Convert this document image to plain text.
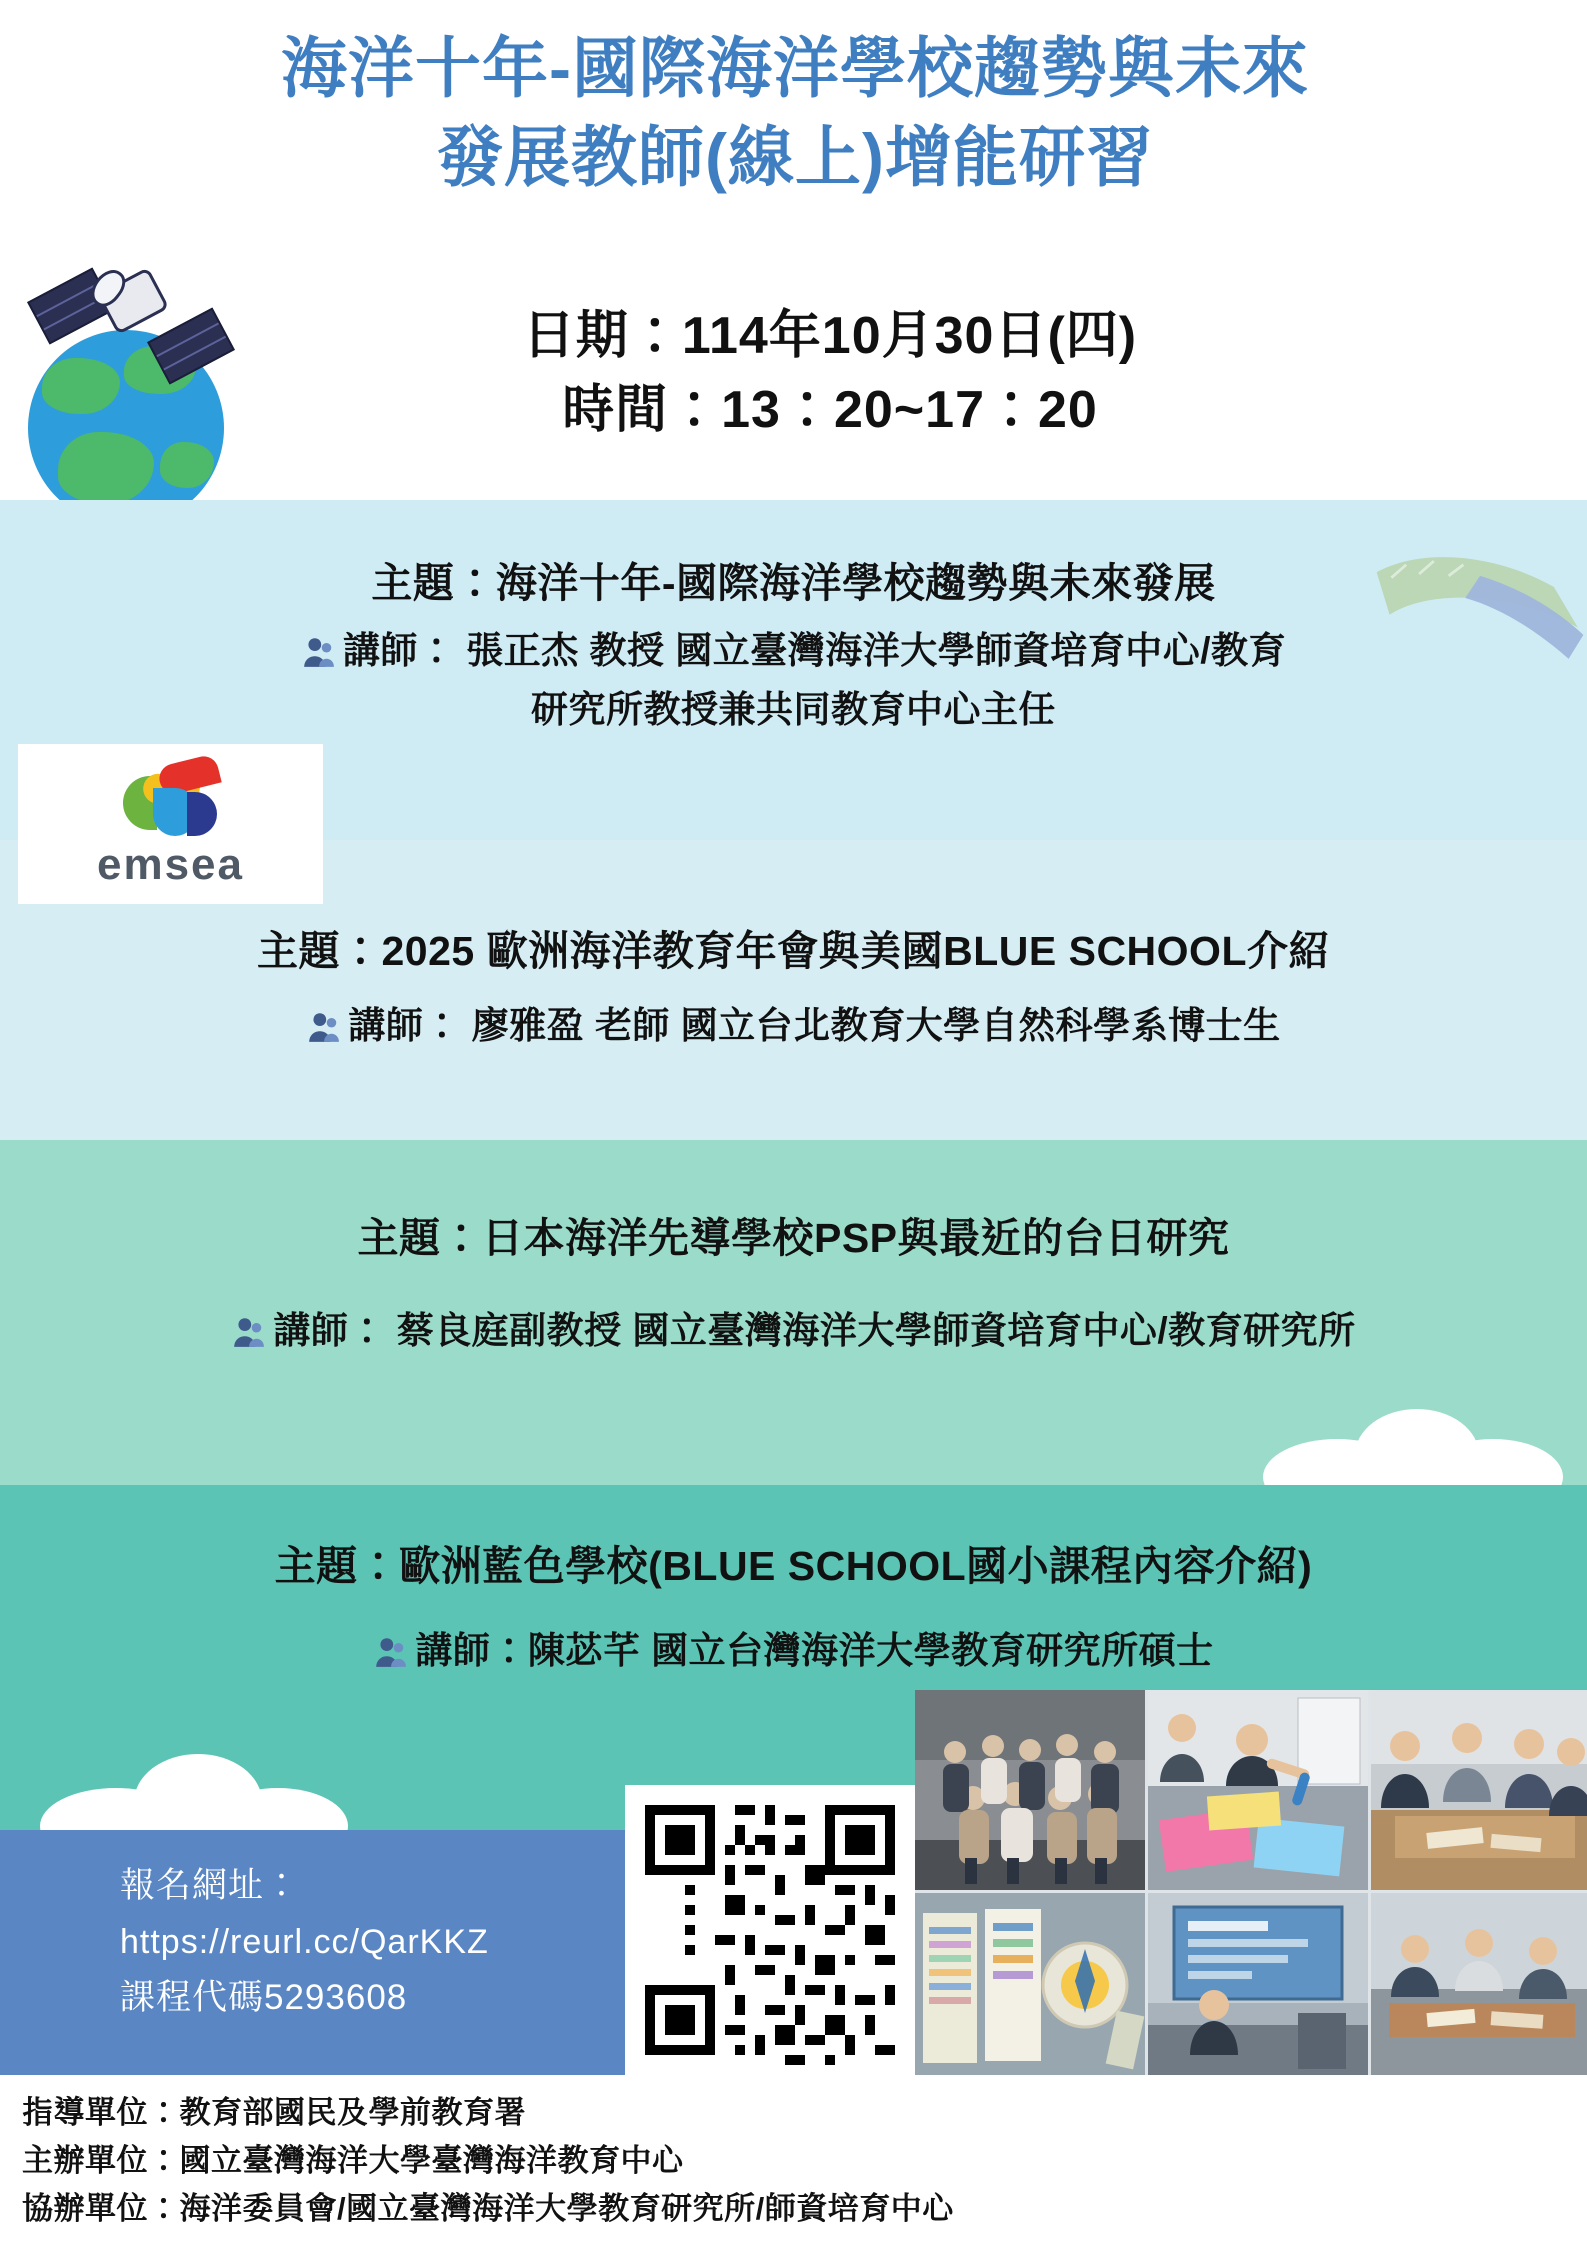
海洋十年-國際海洋學校趨勢與未來
發展教師(線上)增能研習
日期：114年10月30日(四)
時間：13：20~17：20
主題：海洋十年-國際海洋學校趨勢與未來發展
講師： 張正杰 教授 國立臺灣海洋大學師資培育中心/教育
研究所教授兼共同教育中心主任
emsea
主題：2025 歐洲海洋教育年會與美國BLUE SCHOOL介紹
講師： 廖雅盈 老師 國立台北教育大學自然科學系博士生
主題：日本海洋先導學校PSP與最近的台日研究
講師： 蔡良庭副教授 國立臺灣海洋大學師資培育中心/教育研究所
主題：歐洲藍色學校(BLUE SCHOOL國小課程內容介紹)
講師：陳苾芊 國立台灣海洋大學教育研究所碩士
報名網址：
https://reurl.cc/QarKKZ
課程代碼5293608
指導單位：教育部國民及學前教育署
主辦單位：國立臺灣海洋大學臺灣海洋教育中心
協辦單位：海洋委員會/國立臺灣海洋大學教育研究所/師資培育中心
